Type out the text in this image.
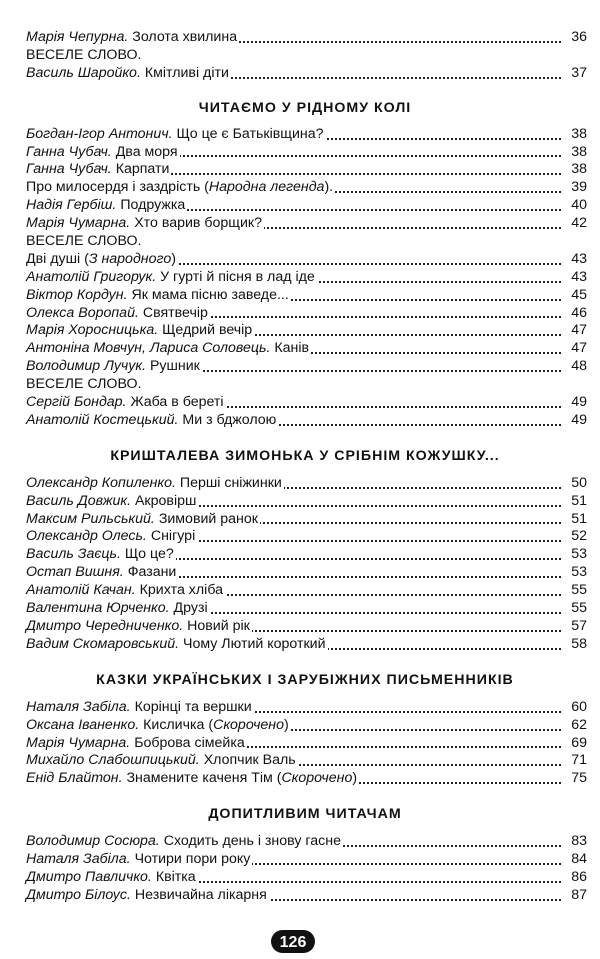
Марія Чепурна. Золота хвилина	36
ВЕСЕЛЕ СЛОВО.
Василь Шаройко. Кмітливі діти	37
ЧИТАЄМО У РІДНОМУ КОЛІ
Богдан-Ігор Антонич. Що це є Батьківщина?	38
Ганна Чубач. Два моря	38
Ганна Чубач. Карпати	38
Про милосердя і заздрість (Народна легенда).	39
Надія Гербіш. Подружка	40
Марія Чумарна. Хто варив борщик?	42
ВЕСЕЛЕ СЛОВО.
Дві душі (З народного)	43
Анатолій Григорук. У гурті й пісня в лад іде	43
Віктор Кордун. Як мама пісню заведе...	45
Олекса Воропай. Святвечір	46
Марія Хоросницька. Щедрий вечір	47
Антоніна Мовчун, Лариса Соловець. Канів	47
Володимир Лучук. Рушник	48
ВЕСЕЛЕ СЛОВО.
Сергій Бондар. Жаба в береті	49
Анатолій Костецький. Ми з бджолою	49
КРИШТАЛЕВА ЗИМОНЬКА У СРІБНІМ КОЖУШКУ...
Олександр Копиленко. Перші сніжинки	50
Василь Довжик. Акровірш	51
Максим Рильський. Зимовий ранок	51
Олександр Олесь. Снігурі	52
Василь Заєць. Що це?	53
Остап Вишня. Фазани	53
Анатолій Качан. Крихта хліба	55
Валентина Юрченко. Друзі	55
Дмитро Чередниченко. Новий рік	57
Вадим Скомаровський. Чому Лютий короткий	58
КАЗКИ УКРАЇНСЬКИХ І ЗАРУБІЖНИХ ПИСЬМЕННИКІВ
Наталя Забіла. Корінці та вершки	60
Оксана Іваненко. Кисличка (Скорочено)	62
Марія Чумарна. Боброва сімейка	69
Михайло Слабошпицький. Хлопчик Валь	71
Енід Блайтон. Знамените каченя Тім (Скорочено)	75
ДОПИТЛИВИМ ЧИТАЧАМ
Володимир Сосюра. Сходить день і знову гасне	83
Наталя Забіла. Чотири пори року	84
Дмитро Павличко. Квітка	86
Дмитро Білоус. Незвичайна лікарня	87
126
